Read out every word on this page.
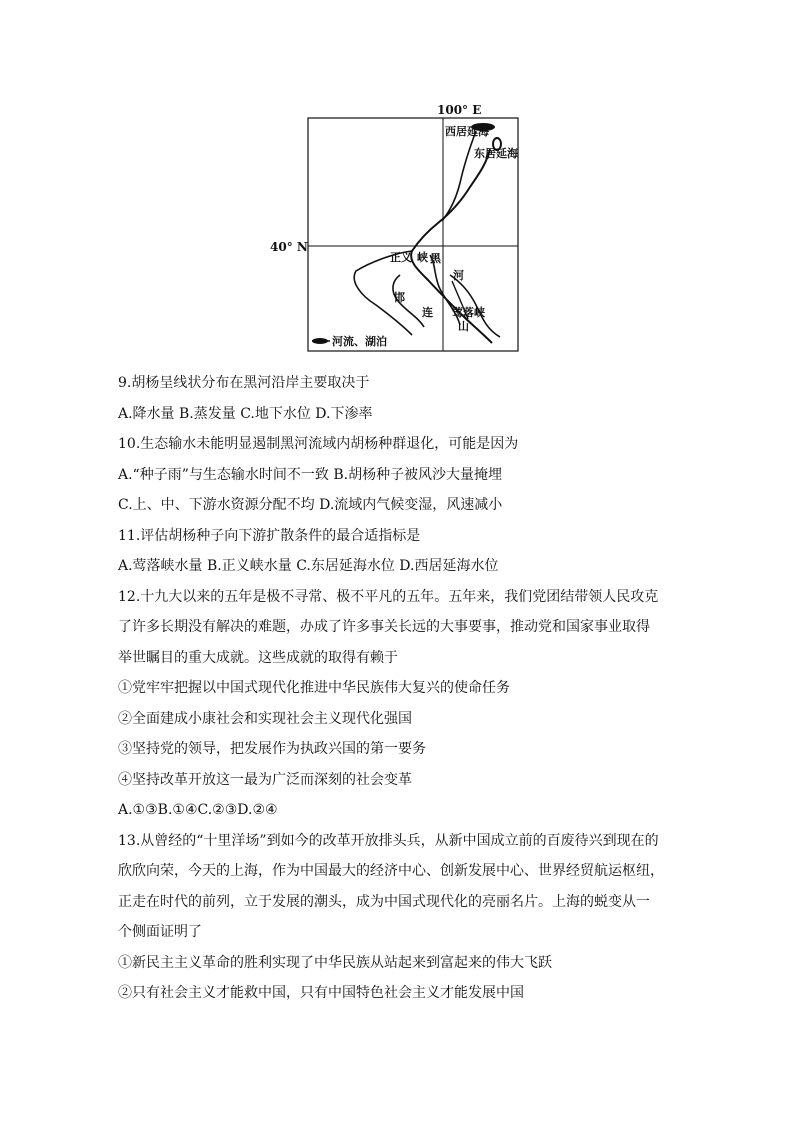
100° E
40° N
西居延海
东居延海
正义 峡 黑
河
邯
连 莺落峡
山
河流、湖泊
9.胡杨呈线状分布在黑河沿岸主要取决于
A.降水量 B.蒸发量 C.地下水位 D.下渗率
10.生态输水未能明显遏制黑河流域内胡杨种群退化，可能是因为
A.“种子雨”与生态输水时间不一致 B.胡杨种子被风沙大量掩埋
C.上、中、下游水资源分配不均 D.流域内气候变湿，风速减小
11.评估胡杨种子向下游扩散条件的最合适指标是
A.莺落峡水量 B.正义峡水量 C.东居延海水位 D.西居延海水位
12.十九大以来的五年是极不寻常、极不平凡的五年。五年来，我们党团结带领人民攻克
了许多长期没有解决的难题，办成了许多事关长远的大事要事，推动党和国家事业取得
举世瞩目的重大成就。这些成就的取得有赖于
①党牢牢把握以中国式现代化推进中华民族伟大复兴的使命任务
②全面建成小康社会和实现社会主义现代化强国
③坚持党的领导，把发展作为执政兴国的第一要务
④坚持改革开放这一最为广泛而深刻的社会变革
A.①③B.①④C.②③D.②④
13.从曾经的“十里洋场”到如今的改革开放排头兵，从新中国成立前的百废待兴到现在的
欣欣向荣，今天的上海，作为中国最大的经济中心、创新发展中心、世界经贸航运枢纽，
正走在时代的前列，立于发展的潮头，成为中国式现代化的亮丽名片。上海的蜕变从一
个侧面证明了
①新民主主义革命的胜利实现了中华民族从站起来到富起来的伟大飞跃
②只有社会主义才能救中国，只有中国特色社会主义才能发展中国
